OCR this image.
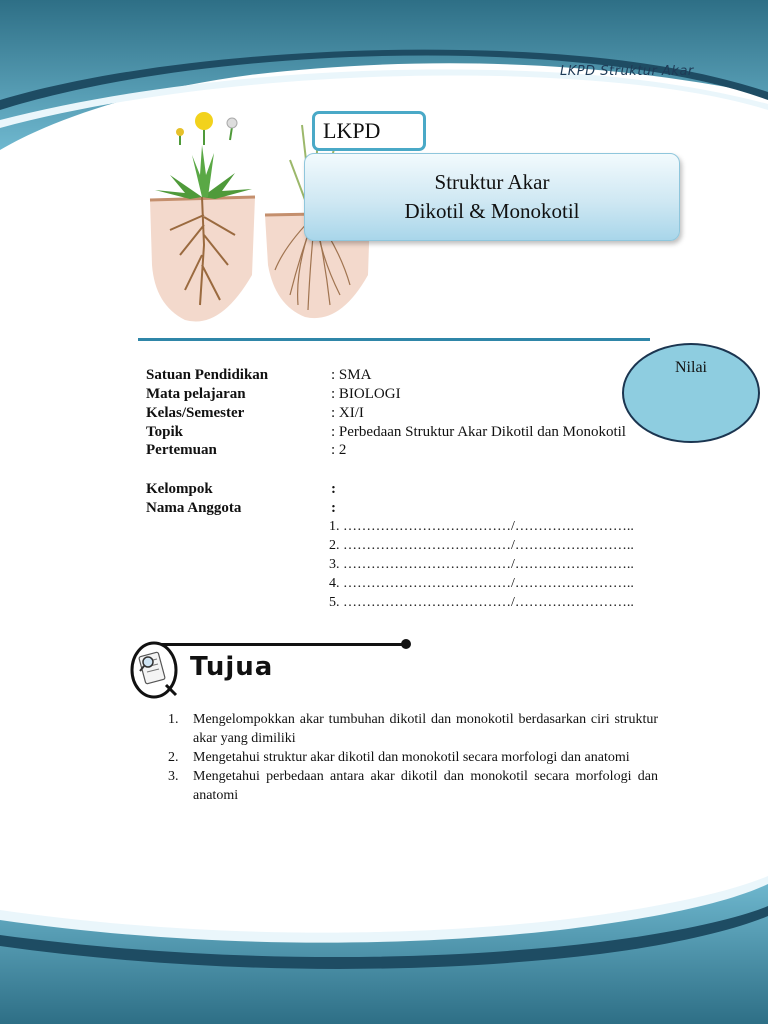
LKPD Struktur Akar
LKPD
Struktur Akar
Dikotil & Monokotil
Nilai
Satuan Pendidikan	: SMA
Mata pelajaran	: BIOLOGI
Kelas/Semester	: XI/I
Topik	: Perbedaan Struktur Akar Dikotil dan Monokotil
Pertemuan	: 2
Kelompok	:
Nama Anggota	:
1. ………………………………/……………………..
2. ………………………………/……………………..
3. ………………………………/……………………..
4. ………………………………/……………………..
5. ………………………………/……………………..
Tujua
1.	Mengelompokkan akar tumbuhan dikotil dan monokotil berdasarkan ciri struktur akar yang dimiliki
2.	Mengetahui struktur akar dikotil dan monokotil secara morfologi dan anatomi
3.	Mengetahui perbedaan antara akar dikotil dan monokotil secara morfologi dan anatomi
